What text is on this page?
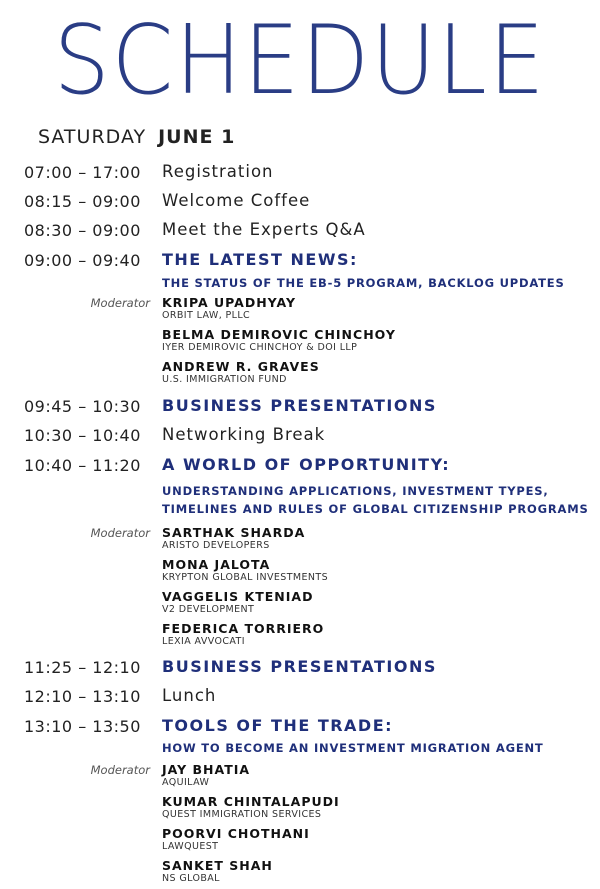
SCHEDULE
SATURDAY JUNE 1
07:00 – 17:00	Registration
08:15 – 09:00	Welcome Coffee
08:30 – 09:00	Meet the Experts Q&A
09:00 – 09:40	THE LATEST NEWS:
THE STATUS OF THE EB-5 PROGRAM, BACKLOG UPDATES
Moderator KRIPA UPADHYAY
ORBIT LAW, PLLC
BELMA DEMIROVIC CHINCHOY
IYER DEMIROVIC CHINCHOY & DOI LLP
ANDREW R. GRAVES
U.S. IMMIGRATION FUND
09:45 – 10:30	BUSINESS PRESENTATIONS
10:30 – 10:40	Networking Break
10:40 – 11:20	A WORLD OF OPPORTUNITY:
UNDERSTANDING APPLICATIONS, INVESTMENT TYPES,
TIMELINES AND RULES OF GLOBAL CITIZENSHIP PROGRAMS
Moderator SARTHAK SHARDA
ARISTO DEVELOPERS
MONA JALOTA
KRYPTON GLOBAL INVESTMENTS
VAGGELIS KTENIAD
V2 DEVELOPMENT
FEDERICA TORRIERO
LEXIA AVVOCATI
11:25 – 12:10	BUSINESS PRESENTATIONS
12:10 – 13:10	Lunch
13:10 – 13:50	TOOLS OF THE TRADE:
HOW TO BECOME AN INVESTMENT MIGRATION AGENT
Moderator JAY BHATIA
AQUILAW
KUMAR CHINTALAPUDI
QUEST IMMIGRATION SERVICES
POORVI CHOTHANI
LAWQUEST
SANKET SHAH
NS GLOBAL
